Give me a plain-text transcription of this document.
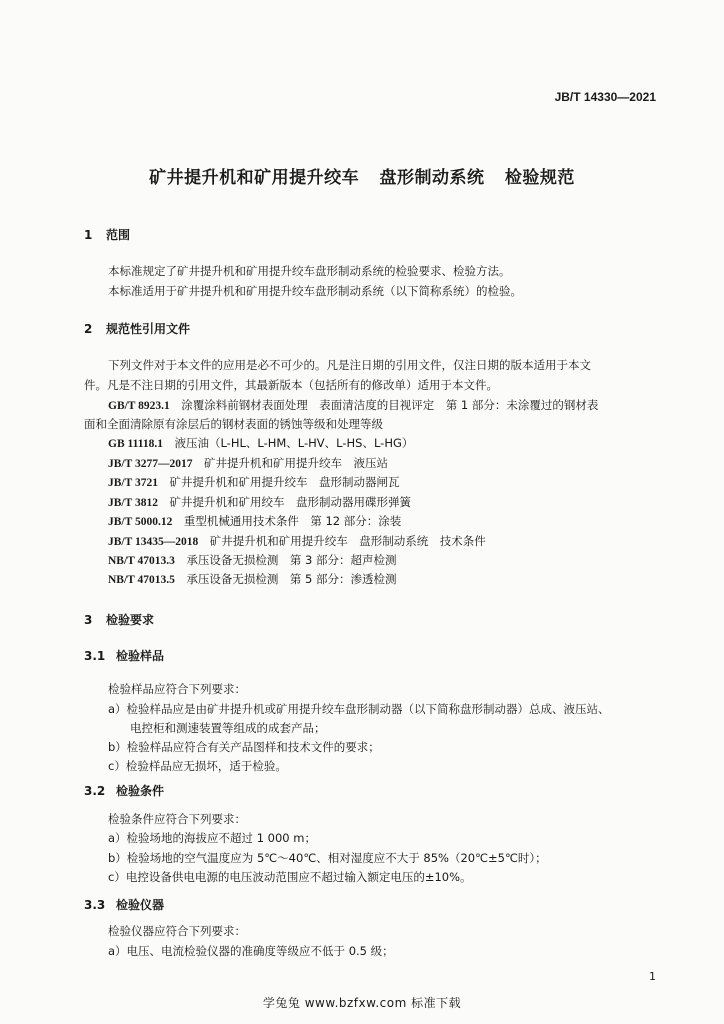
JB/T 14330—2021
矿井提升机和矿用提升绞车 盘形制动系统 检验规范
1 范围
本标准规定了矿井提升机和矿用提升绞车盘形制动系统的检验要求、检验方法。
本标准适用于矿井提升机和矿用提升绞车盘形制动系统（以下简称系统）的检验。
2 规范性引用文件
下列文件对于本文件的应用是必不可少的。凡是注日期的引用文件，仅注日期的版本适用于本文
件。凡是不注日期的引用文件，其最新版本（包括所有的修改单）适用于本文件。
GB/T 8923.1　 涂覆涂料前钢材表面处理　表面清洁度的目视评定　第 1 部分：未涂覆过的钢材表
面和全面清除原有涂层后的钢材表面的锈蚀等级和处理等级
GB 11118.1　 液压油（L-HL、L-HM、L-HV、L-HS、L-HG）
JB/T 3277—2017　 矿井提升机和矿用提升绞车　液压站
JB/T 3721　 矿井提升机和矿用提升绞车　盘形制动器闸瓦
JB/T 3812　 矿井提升机和矿用绞车　盘形制动器用碟形弹簧
JB/T 5000.12　 重型机械通用技术条件　第 12 部分：涂装
JB/T 13435—2018　 矿井提升机和矿用提升绞车　盘形制动系统　技术条件
NB/T 47013.3　 承压设备无损检测　第 3 部分：超声检测
NB/T 47013.5　 承压设备无损检测　第 5 部分：渗透检测
3 检验要求
3.1 检验样品
检验样品应符合下列要求：
a）检验样品应是由矿井提升机或矿用提升绞车盘形制动器（以下简称盘形制动器）总成、液压站、
电控柜和测速装置等组成的成套产品；
b）检验样品应符合有关产品图样和技术文件的要求；
c）检验样品应无损坏，适于检验。
3.2 检验条件
检验条件应符合下列要求：
a）检验场地的海拔应不超过 1 000 m；
b）检验场地的空气温度应为 5℃～40℃、相对湿度应不大于 85%（20℃±5℃时）；
c）电控设备供电电源的电压波动范围应不超过输入额定电压的±10%。
3.3 检验仪器
检验仪器应符合下列要求：
a）电压、电流检验仪器的准确度等级应不低于 0.5 级；
1
学兔兔 www.bzfxw.com 标准下载
